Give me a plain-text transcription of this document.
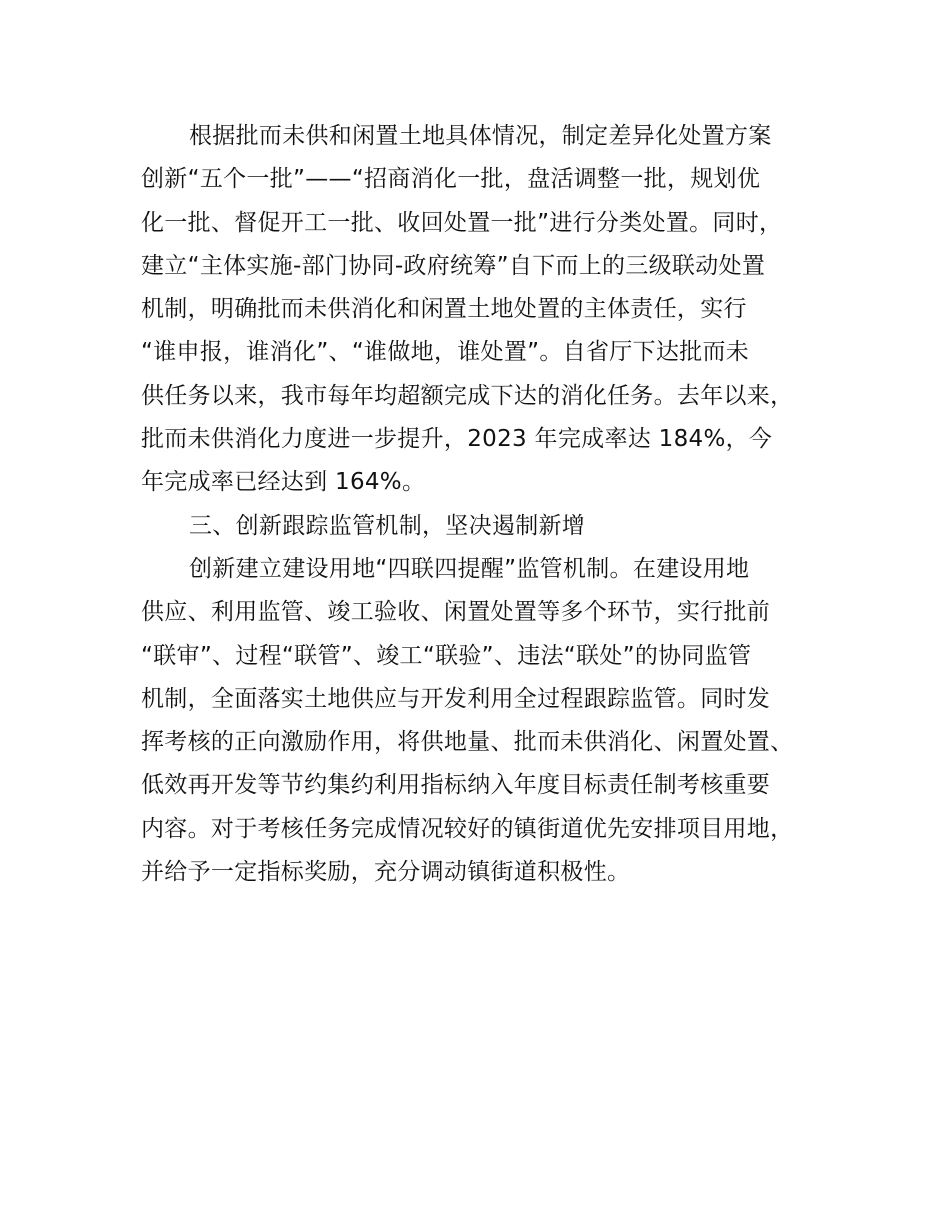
根据批而未供和闲置土地具体情况，制定差异化处置方案
创新“五个一批”——“招商消化一批，盘活调整一批，规划优
化一批、督促开工一批、收回处置一批”进行分类处置。同时，
建立“主体实施-部门协同-政府统筹”自下而上的三级联动处置
机制，明确批而未供消化和闲置土地处置的主体责任，实行
“谁申报，谁消化”、“谁做地，谁处置”。自省厅下达批而未
供任务以来，我市每年均超额完成下达的消化任务。去年以来，
批而未供消化力度进一步提升，2023 年完成率达 184%，今
年完成率已经达到 164%。

三、创新跟踪监管机制，坚决遏制新增

创新建立建设用地“四联四提醒”监管机制。在建设用地
供应、利用监管、竣工验收、闲置处置等多个环节，实行批前
“联审”、过程“联管”、竣工“联验”、违法“联处”的协同监管
机制，全面落实土地供应与开发利用全过程跟踪监管。同时发
挥考核的正向激励作用，将供地量、批而未供消化、闲置处置、
低效再开发等节约集约利用指标纳入年度目标责任制考核重要
内容。对于考核任务完成情况较好的镇街道优先安排项目用地，
并给予一定指标奖励，充分调动镇街道积极性。
